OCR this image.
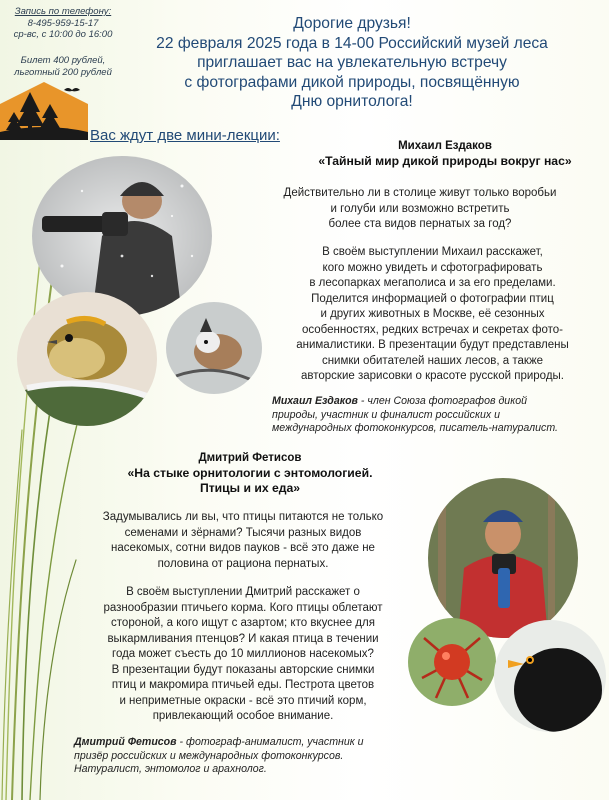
Запись по телефону:
8-495-959-15-17
ср-вс, с 10:00 до 16:00
Билет 400 рублей,
льготный 200 рублей
Дорогие друзья!
22 февраля 2025 года в 14-00 Российский музей леса
приглашает вас на увлекательную встречу
с фотографами дикой природы, посвящённую
Дню орнитолога!
Вас ждут две мини-лекции:
Михаил Ездаков
«Тайный мир дикой природы вокруг нас»
Действительно ли в столице живут только воробьи
и голуби или возможно встретить
более ста видов пернатых за год?
В своём выступлении Михаил расскажет,
кого можно увидеть и сфотографировать
в лесопарках мегаполиса и за его пределами.
Поделится информацией о фотографии птиц
и других животных в Москве, её сезонных
особенностях, редких встречах и секретах фото-
анималистики. В презентации будут представлены
снимки обитателей наших лесов, а также
авторские зарисовки о красоте русской природы.
Михаил Ездаков - член Союза фотографов дикой
природы, участник и финалист российских и
международных фотоконкурсов, писатель-натуралист.
Дмитрий Фетисов
«На стыке орнитологии с энтомологией.
Птицы и их еда»
Задумывались ли вы, что птицы питаются не только
семенами и зёрнами? Тысячи разных видов
насекомых, сотни видов пауков - всё это даже не
половина от рациона пернатых.
В своём выступлении Дмитрий расскажет о
разнообразии птичьего корма. Кого птицы облетают
стороной, а кого ищут с азартом; кто вкуснее для
выкармливания птенцов? И какая птица в течении
года может съесть до 10 миллионов насекомых?
В презентации будут показаны авторские снимки
птиц и макромира птичьей еды. Пестрота цветов
и неприметные окраски - всё это птичий корм,
привлекающий особое внимание.
Дмитрий Фетисов - фотограф-анималист, участник и
призёр российских и международных фотоконкурсов.
Натуралист, энтомолог и арахнолог.
